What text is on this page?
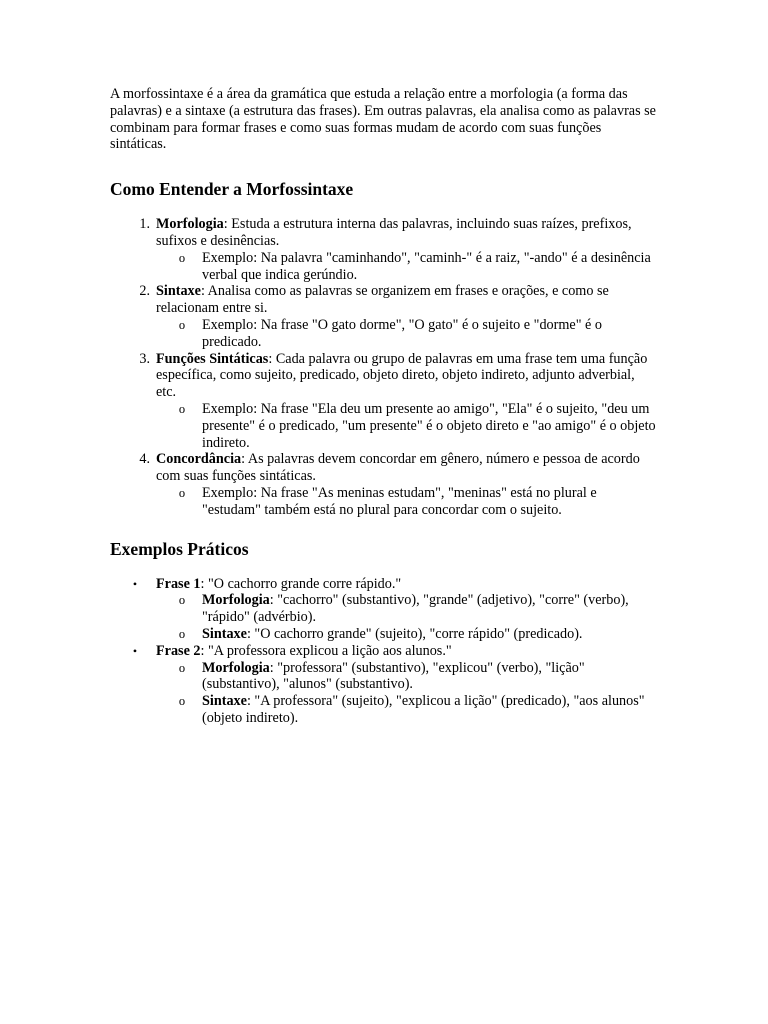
A morfossintaxe é a área da gramática que estuda a relação entre a morfologia (a forma das palavras) e a sintaxe (a estrutura das frases). Em outras palavras, ela analisa como as palavras se combinam para formar frases e como suas formas mudam de acordo com suas funções sintáticas.

Como Entender a Morfossintaxe
1. Morfologia: Estuda a estrutura interna das palavras, incluindo suas raízes, prefixos, sufixos e desinências.
o Exemplo: Na palavra "caminhando", "caminh-" é a raiz, "-ando" é a desinência verbal que indica gerúndio.
2. Sintaxe: Analisa como as palavras se organizem em frases e orações, e como se relacionam entre si.
o Exemplo: Na frase "O gato dorme", "O gato" é o sujeito e "dorme" é o predicado.
3. Funções Sintáticas: Cada palavra ou grupo de palavras em uma frase tem uma função específica, como sujeito, predicado, objeto direto, objeto indireto, adjunto adverbial, etc.
o Exemplo: Na frase "Ela deu um presente ao amigo", "Ela" é o sujeito, "deu um presente" é o predicado, "um presente" é o objeto direto e "ao amigo" é o objeto indireto.
4. Concordância: As palavras devem concordar em gênero, número e pessoa de acordo com suas funções sintáticas.
o Exemplo: Na frase "As meninas estudam", "meninas" está no plural e "estudam" também está no plural para concordar com o sujeito.
Exemplos Práticos
• Frase 1: "O cachorro grande corre rápido."
o Morfologia: "cachorro" (substantivo), "grande" (adjetivo), "corre" (verbo), "rápido" (advérbio).
o Sintaxe: "O cachorro grande" (sujeito), "corre rápido" (predicado).
• Frase 2: "A professora explicou a lição aos alunos."
o Morfologia: "professora" (substantivo), "explicou" (verbo), "lição" (substantivo), "alunos" (substantivo).
o Sintaxe: "A professora" (sujeito), "explicou a lição" (predicado), "aos alunos" (objeto indireto).
